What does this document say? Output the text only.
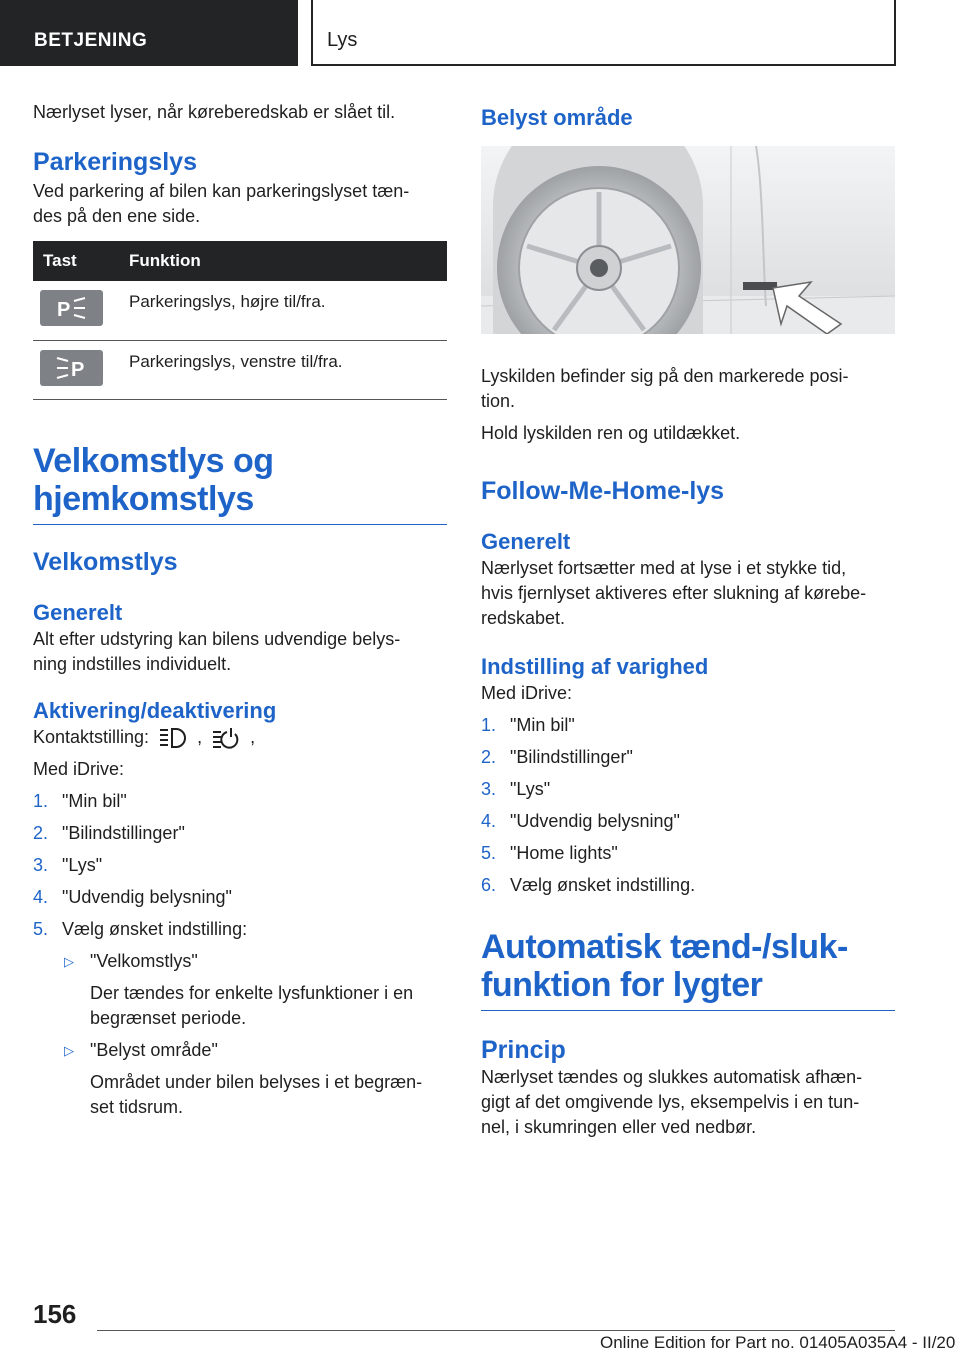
BETJENING	Lys

Nærlyset lyser, når køreberedskab er slået til.

Parkeringslys

Ved parkering af bilen kan parkeringslyset tæn-
des på den ene side.

Tast	Funktion

P	Parkeringslys, højre til/fra.

P	Parkeringslys, venstre til/fra.
Velkomstlys og hjemkomstlys
Velkomstlys
Generelt

Alt efter udstyring kan bilens udvendige belys-
ning indstilles individuelt.

Aktivering/deaktivering

Kontaktstilling:	,	,

Med iDrive:

1. "Min bil"
2. "Bilindstillinger"
3. "Lys"
4. "Udvendig belysning"
5. Vælg ønsket indstilling:
▷ "Velkomstlys"
Der tændes for enkelte lysfunktioner i en begrænset periode.
▷ "Belyst område"
Området under bilen belyses i et begræn-
set tidsrum.
Belyst område

Lyskilden befinder sig på den markerede posi-
tion.

Hold lyskilden ren og utildækket.

Follow-Me-Home-lys
Generelt

Nærlyset fortsætter med at lyse i et stykke tid,
hvis fjernlyset aktiveres efter slukning af kørebe-
redskabet.

Indstilling af varighed

Med iDrive:

1. "Min bil"
2. "Bilindstillinger"
3. "Lys"
4. "Udvendig belysning"
5. "Home lights"
6. Vælg ønsket indstilling.
Automatisk tænd-/sluk-
funktion for lygter
Princip

Nærlyset tændes og slukkes automatisk afhæn-
gigt af det omgivende lys, eksempelvis i en tun-
nel, i skumringen eller ved nedbør.

156
Online Edition for Part no. 01405A035A4 - II/20
